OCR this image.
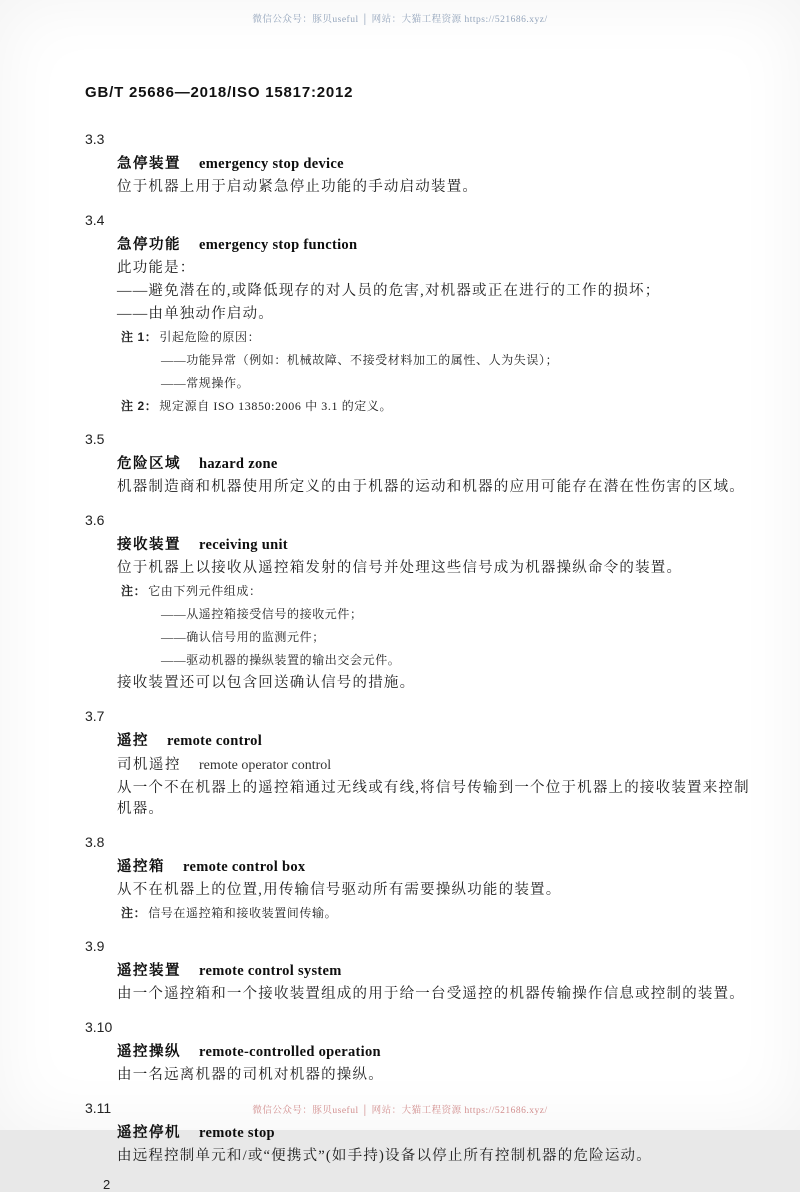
微信公众号：豚贝useful │ 网站：大猫工程资源 https://521686.xyz/
GB/T 25686—2018/ISO 15817:2012
3.3
急停装置 emergency stop device
位于机器上用于启动紧急停止功能的手动启动装置。
3.4
急停功能 emergency stop function
此功能是：
——避免潜在的,或降低现存的对人员的危害,对机器或正在进行的工作的损坏；
——由单独动作启动。
注 1： 引起危险的原因：
——功能异常（例如：机械故障、不接受材料加工的属性、人为失误）；
——常规操作。
注 2： 规定源自 ISO 13850:2006 中 3.1 的定义。
3.5
危险区域 hazard zone
机器制造商和机器使用所定义的由于机器的运动和机器的应用可能存在潜在性伤害的区域。
3.6
接收装置 receiving unit
位于机器上以接收从遥控箱发射的信号并处理这些信号成为机器操纵命令的装置。
注： 它由下列元件组成：
——从遥控箱接受信号的接收元件；
——确认信号用的监测元件；
——驱动机器的操纵装置的输出交会元件。
接收装置还可以包含回送确认信号的措施。
3.7
遥控 remote control
司机遥控 remote operator control
从一个不在机器上的遥控箱通过无线或有线,将信号传输到一个位于机器上的接收装置来控制机器。
3.8
遥控箱 remote control box
从不在机器上的位置,用传输信号驱动所有需要操纵功能的装置。
注： 信号在遥控箱和接收装置间传输。
3.9
遥控装置 remote control system
由一个遥控箱和一个接收装置组成的用于给一台受遥控的机器传输操作信息或控制的装置。
3.10
遥控操纵 remote-controlled operation
由一名远离机器的司机对机器的操纵。
3.11
遥控停机 remote stop
由远程控制单元和/或“便携式”(如手持)设备以停止所有控制机器的危险运动。
2
微信公众号：豚贝useful │ 网站：大猫工程资源 https://521686.xyz/
